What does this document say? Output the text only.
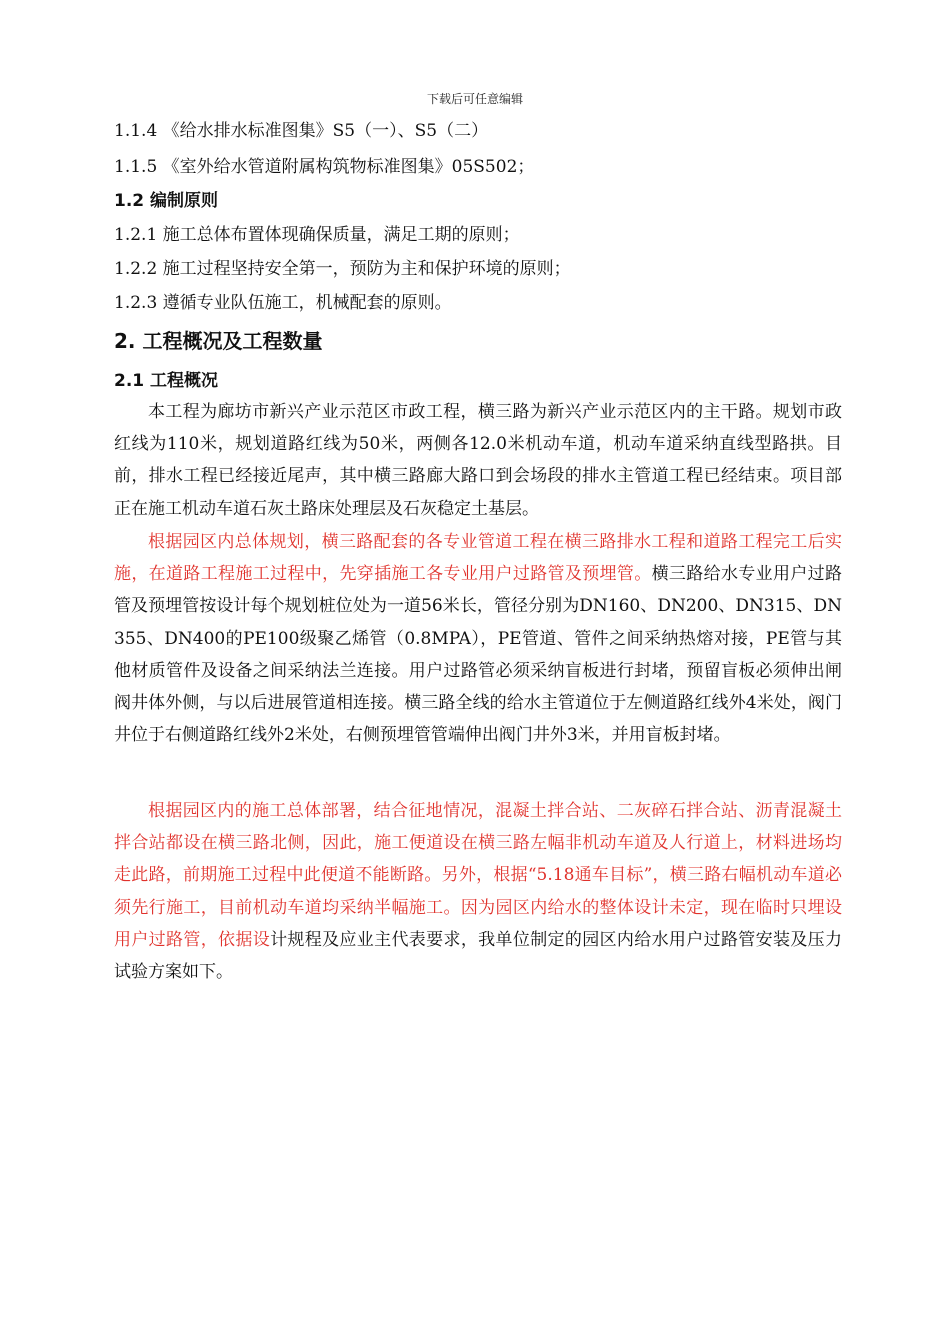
下载后可任意编辑
1.1.4 《给水排水标准图集》S5（一）、S5（二）
1.1.5 《室外给水管道附属构筑物标准图集》05S502；
1.2 编制原则
1.2.1 施工总体布置体现确保质量，满足工期的原则；
1.2.2 施工过程坚持安全第一，预防为主和保护环境的原则；
1.2.3 遵循专业队伍施工，机械配套的原则。
2. 工程概况及工程数量
2.1 工程概况
本工程为廊坊市新兴产业示范区市政工程，横三路为新兴产业示范区内的主干路。规划市政红线为110米，规划道路红线为50米，两侧各12.0米机动车道，机动车道采纳直线型路拱。目前，排水工程已经接近尾声，其中横三路廊大路口到会场段的排水主管道工程已经结束。项目部正在施工机动车道石灰土路床处理层及石灰稳定土基层。
根据园区内总体规划，横三路配套的各专业管道工程在横三路排水工程和道路工程完工后实施，在道路工程施工过程中，先穿插施工各专业用户过路管及预埋管。横三路给水专业用户过路管及预埋管按设计每个规划桩位处为一道56米长，管径分别为DN160、DN200、DN315、DN355、DN400的PE100级聚乙烯管（0.8MPA），PE管道、管件之间采纳热熔对接，PE管与其他材质管件及设备之间采纳法兰连接。用户过路管必须采纳盲板进行封堵，预留盲板必须伸出闸阀井体外侧，与以后进展管道相连接。横三路全线的给水主管道位于左侧道路红线外4米处，阀门井位于右侧道路红线外2米处，右侧预埋管管端伸出阀门井外3米，并用盲板封堵。
根据园区内的施工总体部署，结合征地情况，混凝土拌合站、二灰碎石拌合站、沥青混凝土拌合站都设在横三路北侧，因此，施工便道设在横三路左幅非机动车道及人行道上，材料进场均走此路，前期施工过程中此便道不能断路。另外，根据“5.18通车目标”，横三路右幅机动车道必须先行施工，目前机动车道均采纳半幅施工。因为园区内给水的整体设计未定，现在临时只埋设用户过路管，依据设计规程及应业主代表要求，我单位制定的园区内给水用户过路管安装及压力试验方案如下。
